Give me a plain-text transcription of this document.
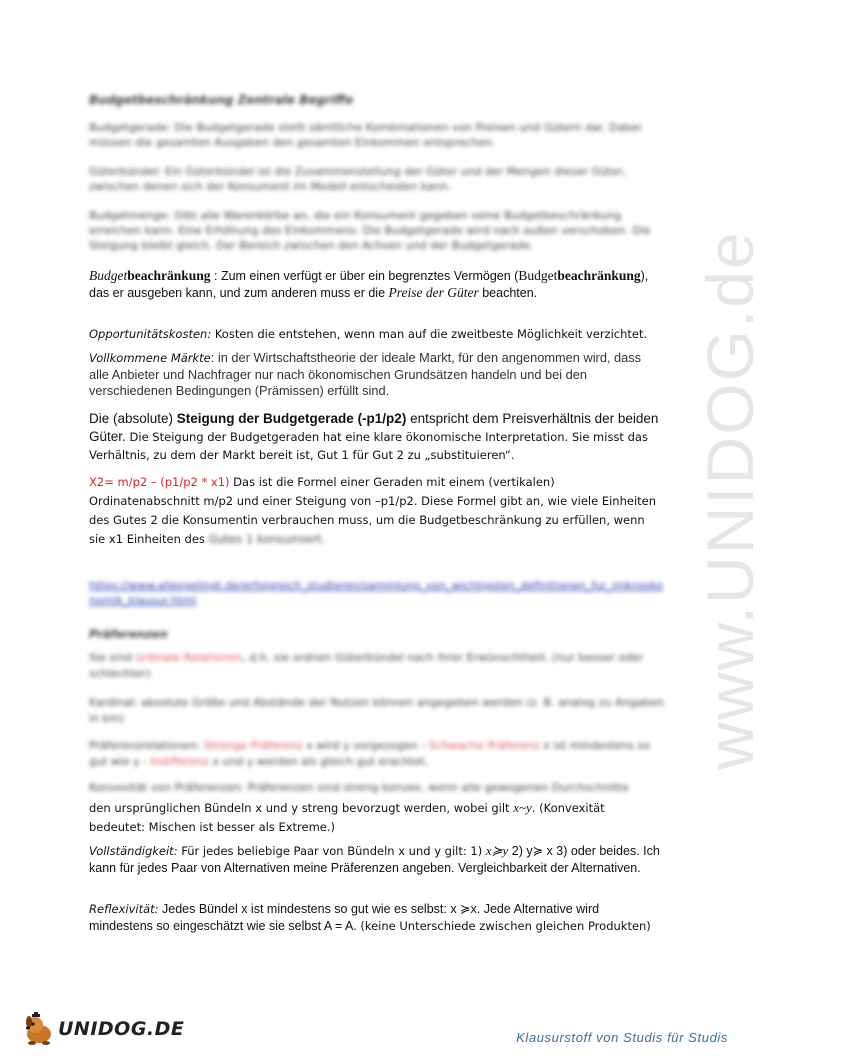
www.UNIDOG.de
Budgetbeschränkung Zentrale Begriffe
Budgetgerade: Die Budgetgerade stellt sämtliche Kombinationen von Preisen und Gütern dar. Dabei müssen die gesamten Ausgaben den gesamten Einkommen entsprechen.
Güterbündel: Ein Güterbündel ist die Zusammenstellung der Güter und der Mengen dieser Güter, zwischen denen sich der Konsument im Modell entscheiden kann.
Budgetmenge: Gibt alle Warenkörbe an, die ein Konsument gegeben seine Budgetbeschränkung erreichen kann. Eine Erhöhung des Einkommens: Die Budgetgerade wird nach außen verschoben. Die Steigung bleibt gleich. Der Bereich zwischen den Achsen und der Budgetgerade.
Budgetbeachränkung : Zum einen verfügt er über ein begrenztes Vermögen (Budgetbeachränkung), das er ausgeben kann, und zum anderen muss er die Preise der Güter beachten.
Opportunitätskosten: Kosten die entstehen, wenn man auf die zweitbeste Möglichkeit verzichtet.
Vollkommene Märkte: in der Wirtschaftstheorie der ideale Markt, für den angenommen wird, dass alle Anbieter und Nachfrager nur nach ökonomischen Grundsätzen handeln und bei den verschiedenen Bedingungen (Prämissen) erfüllt sind.
Die (absolute) Steigung der Budgetgerade (-p1/p2) entspricht dem Preisverhältnis der beiden Güter. Die Steigung der Budgetgeraden hat eine klare ökonomische Interpretation. Sie misst das Verhältnis, zu dem der Markt bereit ist, Gut 1 für Gut 2 zu „substituieren“.
X2= m/p2 – (p1/p2 * x1) Das ist die Formel einer Geraden mit einem (vertikalen) Ordinatenabschnitt m/p2 und einer Steigung von –p1/p2. Diese Formel gibt an, wie viele Einheiten des Gutes 2 die Konsumentin verbrauchen muss, um die Budgetbeschränkung zu erfüllen, wenn sie x1 Einheiten des Gutes 1 konsumiert.
https://www.allesgelingt.de/erfolgreich_studieren/sammlung_von_wichtigsten_definitionen_fur_mikrookonomik_klausur.html
Präferenzen
Sie sind ordinale Relationen, d.h. sie ordnen Güterbündel nach ihrer Erwünschtheit. (nur besser oder schlechter)
Kardinal: absolute Größe und Abstände der Nutzen können angegeben werden (z. B. analog zu Angaben in km)
Präferenzrelationen: Strenge Präferenz x wird y vorgezogen - Schwache Präferenz x ist mindestens so gut wie y - Indifferenz x und y werden als gleich gut erachtet.
Konvexität von Präferenzen: Präferenzen sind streng konvex, wenn alle gewogenen Durchschnitte
den ursprünglichen Bündeln x und y streng bevorzugt werden, wobei gilt x~y. (Konvexität bedeutet: Mischen ist besser als Extreme.)
Vollständigkeit: Für jedes beliebige Paar von Bündeln x und y gilt: 1) x≽y 2) y≽ x 3) oder beides. Ich kann für jedes Paar von Alternativen meine Präferenzen angeben. Vergleichbarkeit der Alternativen.
Reflexivität: Jedes Bündel x ist mindestens so gut wie es selbst: x ≽x. Jede Alternative wird mindestens so eingeschätzt wie sie selbst A = A. (keine Unterschiede zwischen gleichen Produkten)
UNIDOG.DE	Klausurstoff von Studis für Studis
